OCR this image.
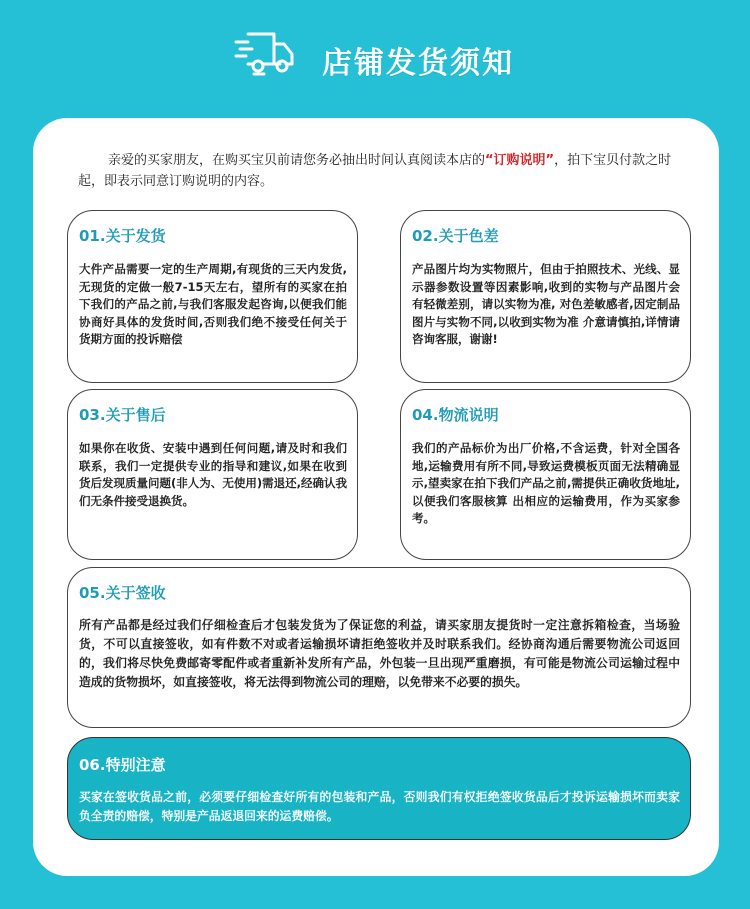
店铺发货须知
亲爱的买家朋友，在购买宝贝前请您务必抽出时间认真阅读本店的“订购说明”，拍下宝贝付款之时起，即表示同意订购说明的内容。
01.关于发货
大件产品需要一定的生产周期,有现货的三天内发货,无现货的定做一般7-15天左右，望所有的买家在拍下我们的产品之前,与我们客服发起咨询,以便我们能协商好具体的发货时间,否则我们绝不接受任何关于货期方面的投诉赔偿
02.关于色差
产品图片均为实物照片，但由于拍照技术、光线、显示器参数设置等因素影响,收到的实物与产品图片会有轻微差别，请以实物为准, 对色差敏感者,因定制品图片与实物不同,以收到实物为准 介意请慎拍,详情请咨询客服，谢谢!
03.关于售后
如果你在收货、安装中遇到任何问题,请及时和我们联系，我们一定提供专业的指导和建议,如果在收到货后发现质量问题(非人为、无使用)需退还,经确认我们无条件接受退换货。
04.物流说明
我们的产品标价为出厂价格,不含运费，针对全国各地,运输费用有所不同,导致运费模板页面无法精确显示,望卖家在拍下我们产品之前,需提供正确收货地址,以便我们客服核算 出相应的运输费用，作为买家参考。
05.关于签收
所有产品都是经过我们仔细检查后才包装发货为了保证您的利益，请买家朋友提货时一定注意拆箱检查，当场验货，不可以直接签收，如有件数不对或者运输损坏请拒绝签收并及时联系我们。经协商沟通后需要物流公司返回的，我们将尽快免费邮寄零配件或者重新补发所有产品，外包装一旦出现严重磨损，有可能是物流公司运输过程中造成的货物损坏，如直接签收，将无法得到物流公司的理赔，以免带来不必要的损失。
06.特别注意
买家在签收货品之前，必须要仔细检查好所有的包装和产品，否则我们有权拒绝签收货品后才投诉运输损坏而卖家负全责的赔偿，特别是产品返退回来的运费赔偿。
